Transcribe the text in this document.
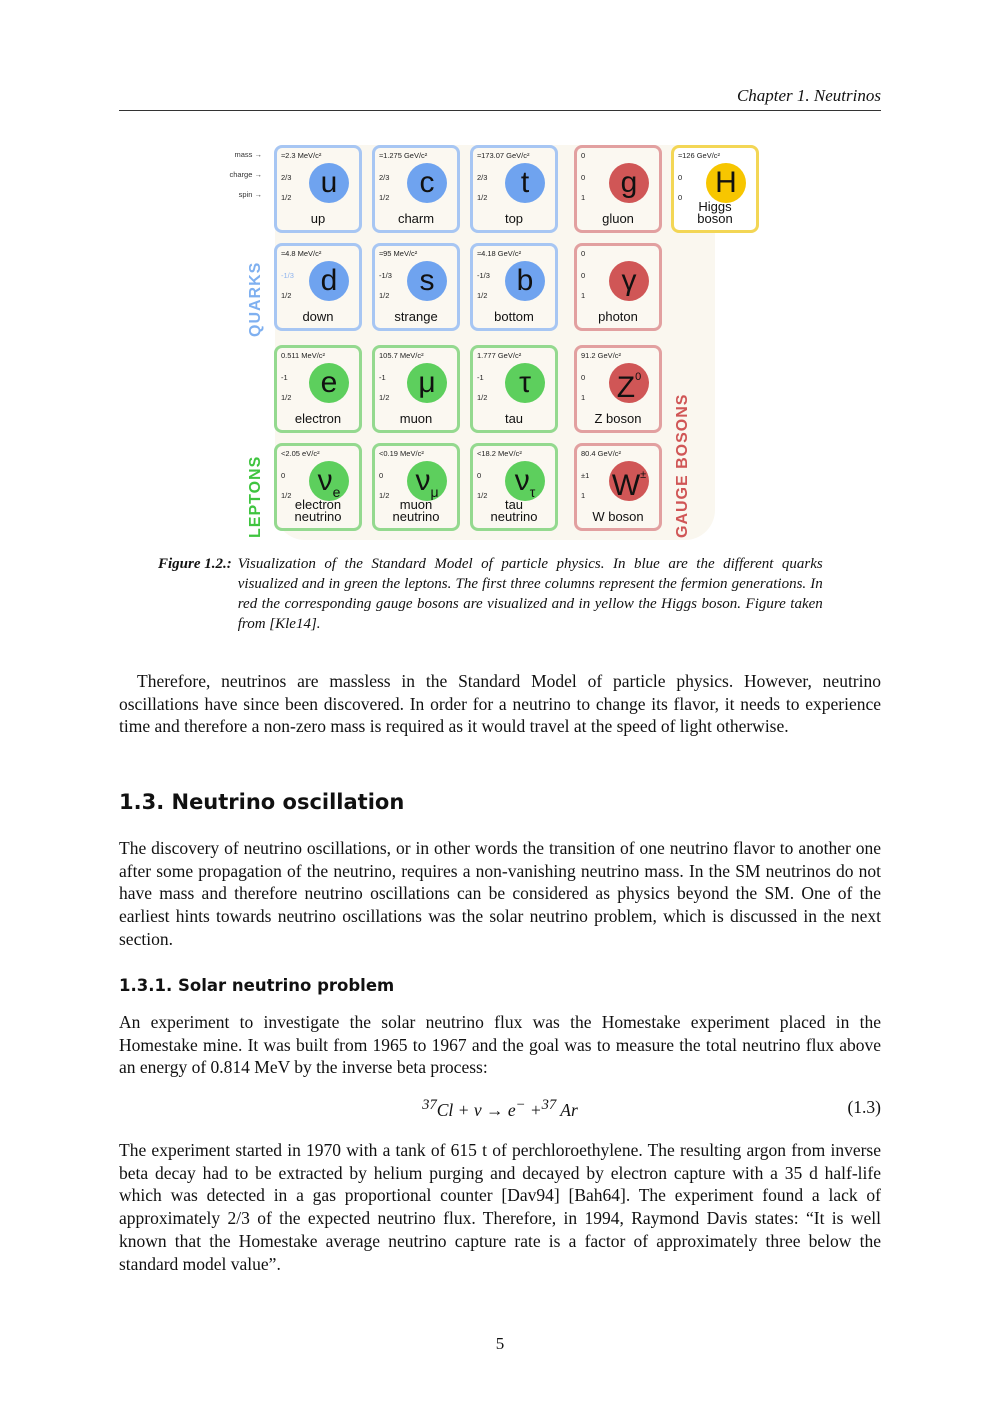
Chapter 1. Neutrinos
mass →
charge →
spin →
QUARKS
LEPTONS	GAUGE BOSONS
≈2.3 MeV/c²
2/3
1/2 u
up
≈1.275 GeV/c²
2/3
1/2	c
charm
≈173.07 GeV/c²
2/3
1/2	t
top
0
0
1	g
gluon
≈126 GeV/c²
0
0	H
Higgs boson
≈4.8 MeV/c²
-1/3
1/2 d
down
≈95 MeV/c²
-1/3
1/2	s
strange
≈4.18 GeV/c²
-1/3
1/2 b
bottom
0
0
1	γ
photon
0.511 MeV/c²
-1
1/2 e
electron
105.7 MeV/c²
-1
1/2 μ
muon
1.777 GeV/c²
-1
1/2	τ
tau
91.2 GeV/c²
0
1 $Z^0$
Z boson
<2.05 eV/c²
0
1/2 $\nu_e$
electron neutrino
<0.19 MeV/c²
0
1/2 $\nu_\mu$
muon neutrino
<18.2 MeV/c²
0
1/2 $\nu_\tau$
tau neutrino
80.4 GeV/c²
±1
1 W±
W boson
Figure 1.2.: Visualization of the Standard Model of particle physics. In blue are the different quarks visualized and in green the leptons. The first three columns represent the fermion generations. In red the corresponding gauge bosons are visualized and in yellow the Higgs boson. Figure taken from [Kle14].
Therefore, neutrinos are massless in the Standard Model of particle physics. However, neutrino oscillations have since been discovered. In order for a neutrino to change its flavor, it needs to experience time and therefore a non-zero mass is required as it would travel at the speed of light otherwise.
1.3. Neutrino oscillation
The discovery of neutrino oscillations, or in other words the transition of one neutrino flavor to another one after some propagation of the neutrino, requires a non-vanishing neutrino mass. In the SM neutrinos do not have mass and therefore neutrino oscillations can be considered as physics beyond the SM. One of the earliest hints towards neutrino oscillations was the solar neutrino problem, which is discussed in the next section.
1.3.1. Solar neutrino problem
An experiment to investigate the solar neutrino flux was the Homestake experiment placed in the Homestake mine. It was built from 1965 to 1967 and the goal was to measure the total neutrino flux above an energy of 0.814 MeV by the inverse beta process:
$^{37}$Cl + ν → e− +$^{37}$ Ar	(1.3)
The experiment started in 1970 with a tank of 615 t of perchloroethylene. The resulting argon from inverse beta decay had to be extracted by helium purging and decayed by electron capture with a 35 d half-life which was detected in a gas proportional counter [Dav94] [Bah64]. The experiment found a lack of approximately 2/3 of the expected neutrino flux. Therefore, in 1994, Raymond Davis states: “It is well known that the Homestake average neutrino capture rate is a factor of approximately three below the standard model value”.
5
